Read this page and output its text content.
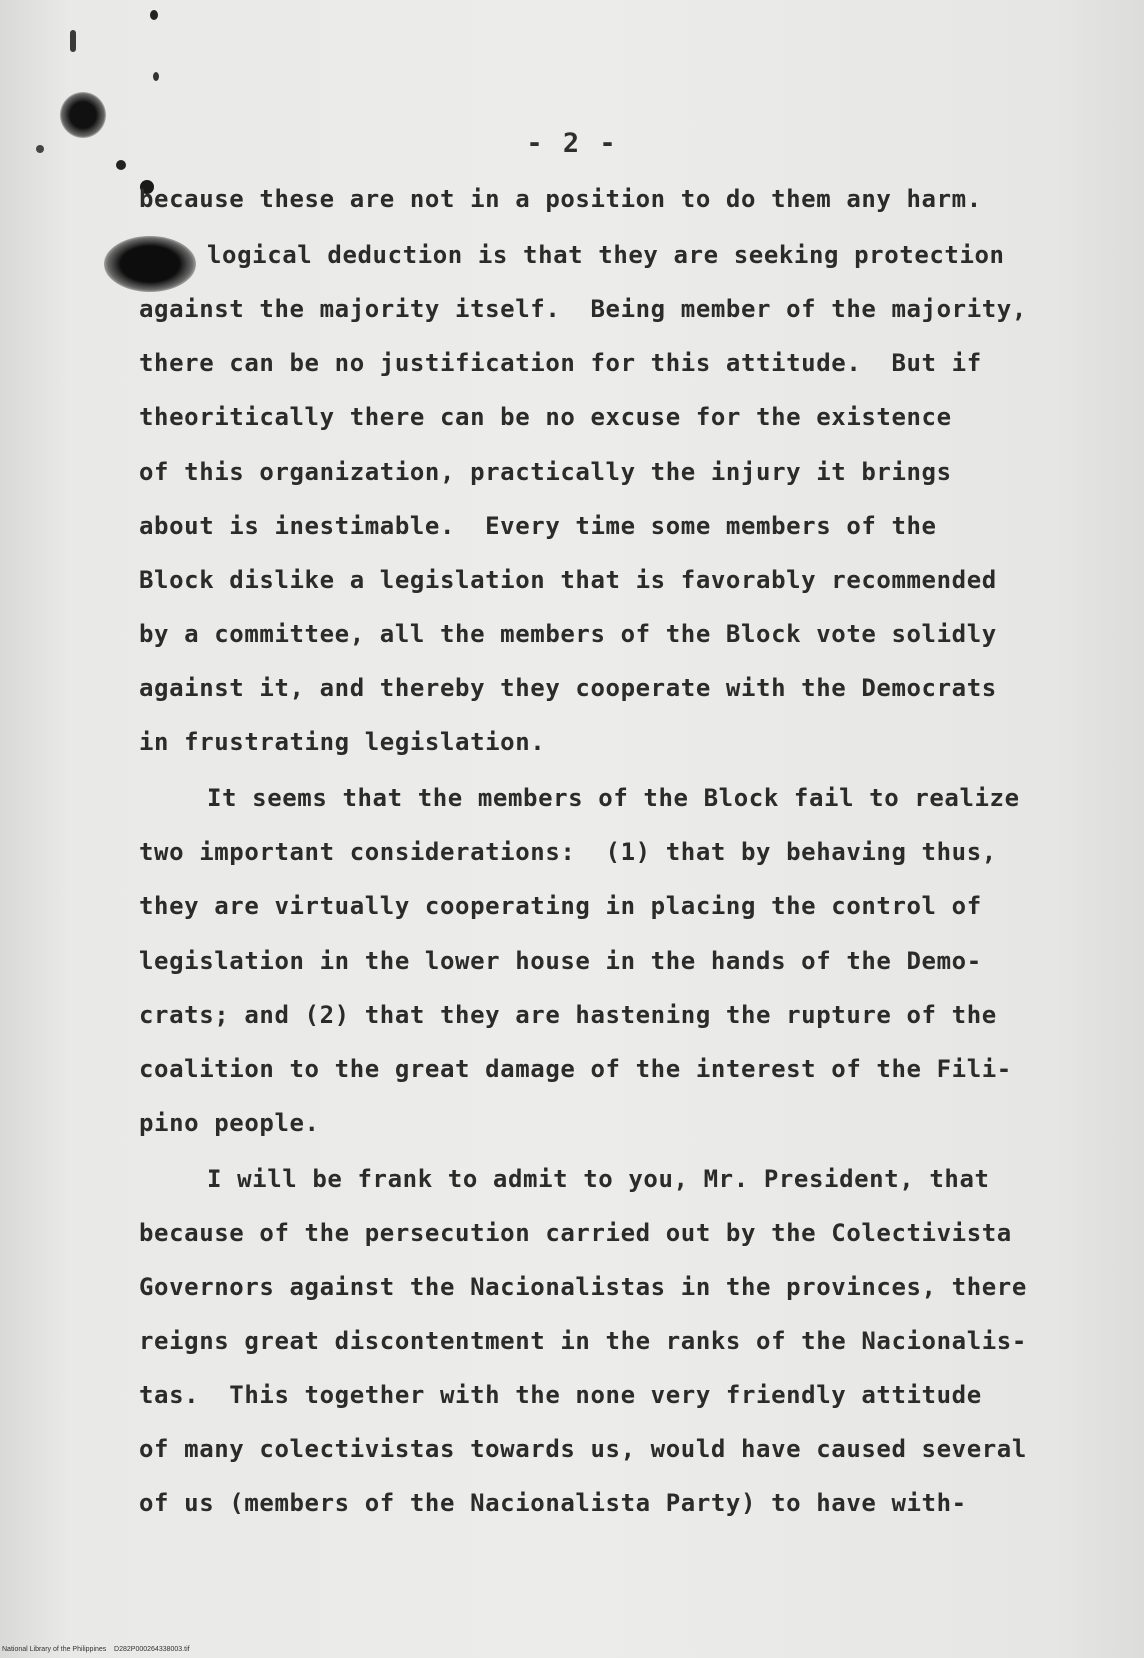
- 2 -
because these are not in a position to do them any harm.
logical deduction is that they are seeking protection
against the majority itself.  Being member of the majority,
there can be no justification for this attitude.  But if
theoritically there can be no excuse for the existence
of this organization, practically the injury it brings
about is inestimable.  Every time some members of the
Block dislike a legislation that is favorably recommended
by a committee, all the members of the Block vote solidly
against it, and thereby they cooperate with the Democrats
in frustrating legislation.
It seems that the members of the Block fail to realize
two important considerations:  (1) that by behaving thus,
they are virtually cooperating in placing the control of
legislation in the lower house in the hands of the Demo-
crats; and (2) that they are hastening the rupture of the
coalition to the great damage of the interest of the Fili-
pino people.
I will be frank to admit to you, Mr. President, that
because of the persecution carried out by the Colectivista
Governors against the Nacionalistas in the provinces, there
reigns great discontentment in the ranks of the Nacionalis-
tas.  This together with the none very friendly attitude
of many colectivistas towards us, would have caused several
of us (members of the Nacionalista Party) to have with-
National Library of the Philippines    D282P000264338003.tif
